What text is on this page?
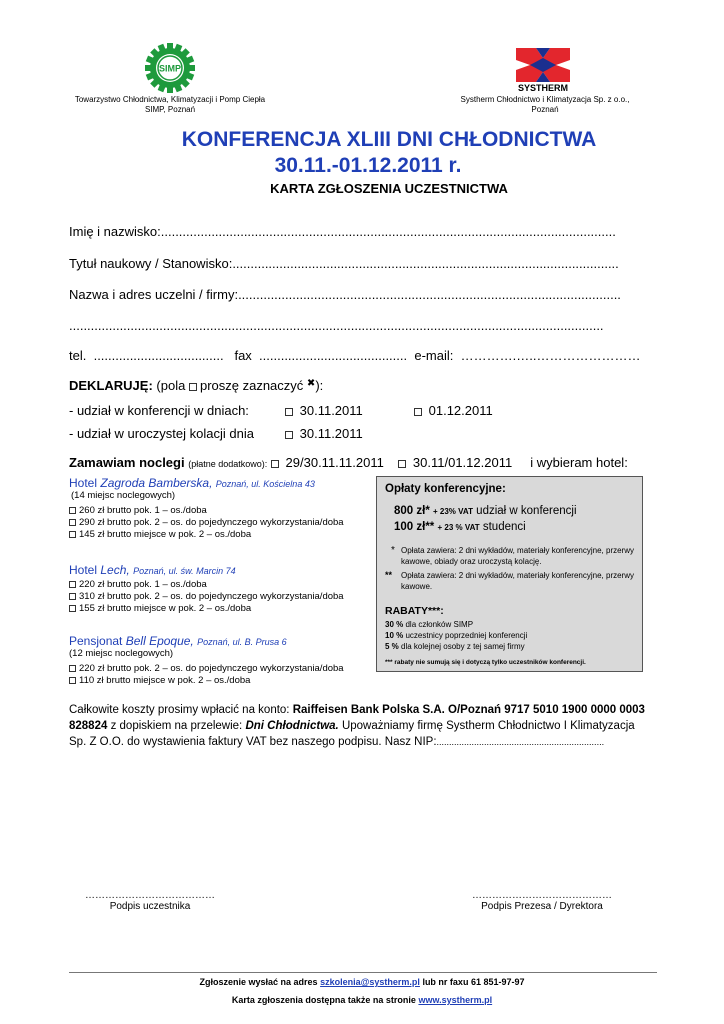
SIMP
Towarzystwo Chłodnictwa, Klimatyzacji i Pomp Ciepła
SIMP, Poznań
SYSTHERM
Systherm Chłodnictwo i Klimatyzacja Sp. z o.o.,
Poznań
KONFERENCJA XLIII DNI CHŁODNICTWA
30.11.-01.12.2011 r.
KARTA ZGŁOSZENIA UCZESTNICTWA
Imię i nazwisko:..............................................................................................................................
Tytuł naukowy / Stanowisko:...........................................................................................................
Nazwa i adres uczelni / firmy:..........................................................................................................
....................................................................................................................................................
tel. .................................... fax ......................................... e-mail: ………….…..……………………
DEKLARUJĘ: (pola proszę zaznaczyć ✖):
- udział w konferencji w dniach:	30.11.2011	01.12.2011
- udział w uroczystej kolacji dnia	30.11.2011
Zamawiam noclegi (płatne dodatkowo): 29/30.11.11.2011 30.11/01.12.2011 i wybieram hotel:
Hotel Zagroda Bamberska, Poznań, ul. Kościelna 43
(14 miejsc noclegowych)
260 zł brutto pok. 1 – os./doba
290 zł brutto pok. 2 – os. do pojedynczego wykorzystania/doba
145 zł brutto miejsce w pok. 2 – os./doba
Hotel Lech, Poznań, ul. św. Marcin 74
220 zł brutto pok. 1 – os./doba
310 zł brutto pok. 2 – os. do pojedynczego wykorzystania/doba
155 zł brutto miejsce w pok. 2 – os./doba
Pensjonat Bell Epoque, Poznań, ul. B. Prusa 6
(12 miejsc noclegowych)
220 zł brutto pok. 2 – os. do pojedynczego wykorzystania/doba
110 zł brutto miejsce w pok. 2 – os./doba
Opłaty konferencyjne:
800 zł* + 23% VAT udział w konferencji
100 zł** + 23 % VAT studenci
* Opłata zawiera: 2 dni wykładów, materiały konferencyjne, przerwy kawowe, obiady oraz uroczystą kolację.
**	Opłata zawiera: 2 dni wykładów, materiały konferencyjne, przerwy kawowe.
RABATY***:
30 % dla członków SIMP
10 % uczestnicy poprzedniej konferencji
5 % dla kolejnej osoby z tej samej firmy
*** rabaty nie sumują się i dotyczą tylko uczestników konferencji.
Całkowite koszty prosimy wpłacić na konto: Raiffeisen Bank Polska S.A. O/Poznań 9717 5010 1900 0000 0003
828824 z dopiskiem na przelewie: Dni Chłodnictwa. Upoważniamy firmę Systherm Chłodnictwo I Klimatyzacja
Sp. Z O.O. do wystawienia faktury VAT bez naszego podpisu. Nasz NIP:...................................................................
…………………………………
Podpis uczestnika
……………………………………
Podpis Prezesa / Dyrektora
Zgłoszenie wysłać na adres szkolenia@systherm.pl lub nr faxu 61 851-97-97
Karta zgłoszenia dostępna także na stronie www.systherm.pl
